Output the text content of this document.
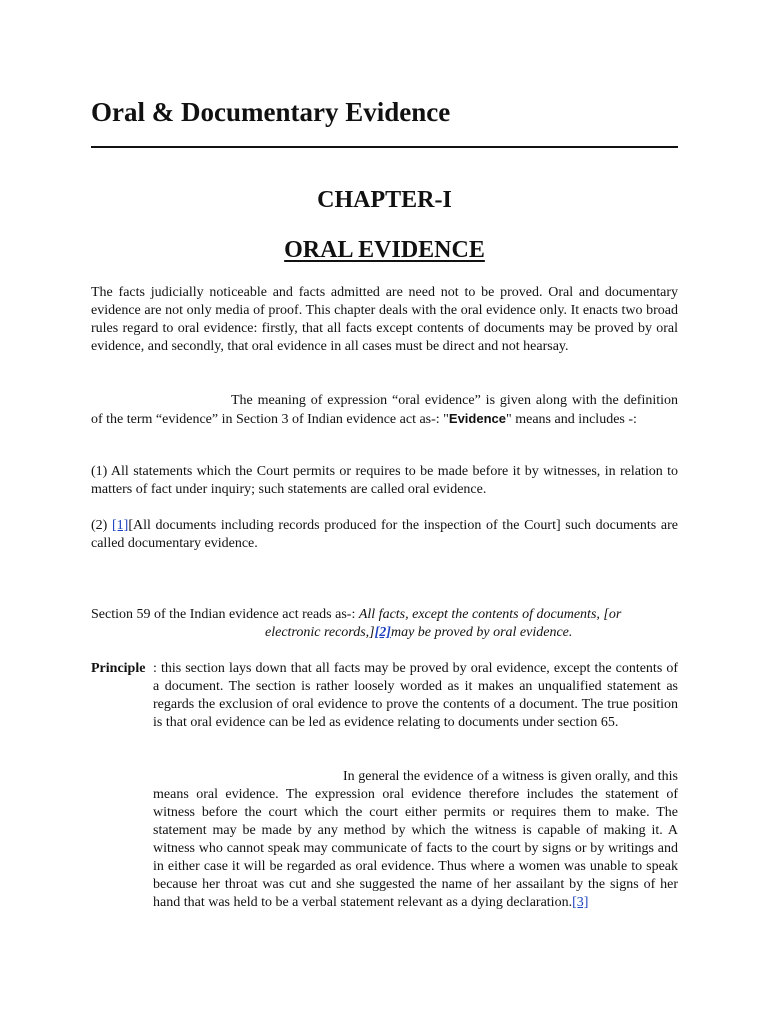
Oral & Documentary Evidence
CHAPTER-I
ORAL EVIDENCE

The facts judicially noticeable and facts admitted are need not to be proved. Oral and documentary evidence are not only media of proof. This chapter deals with the oral evidence only. It enacts two broad rules regard to oral evidence: firstly, that all facts except contents of documents may be proved by oral evidence, and secondly, that oral evidence in all cases must be direct and not hearsay.

The meaning of expression “oral evidence” is given along with the definition of the term “evidence” in Section 3 of Indian evidence act as-: "Evidence" means and includes -:

(1) All statements which the Court permits or requires to be made before it by witnesses, in relation to matters of fact under inquiry; such statements are called oral evidence.

(2) [1][All documents including records produced for the inspection of the Court] such documents are called documentary evidence.

Section 59 of the Indian evidence act reads as-: All facts, except the contents of documents, [or

electronic records,][2]may be proved by oral evidence.

Principle : this section lays down that all facts may be proved by oral evidence, except the contents of a document. The section is rather loosely worded as it makes an unqualified statement as regards the exclusion of oral evidence to prove the contents of a document. The true position is that oral evidence can be led as evidence relating to documents under section 65.

In general the evidence of a witness is given orally, and this means oral evidence. The expression oral evidence therefore includes the statement of witness before the court which the court either permits or requires them to make. The statement may be made by any method by which the witness is capable of making it. A witness who cannot speak may communicate of facts to the court by signs or by writings and in either case it will be regarded as oral evidence. Thus where a women was unable to speak because her throat was cut and she suggested the name of her assailant by the signs of her hand that was held to be a verbal statement relevant as a dying declaration.[3]
